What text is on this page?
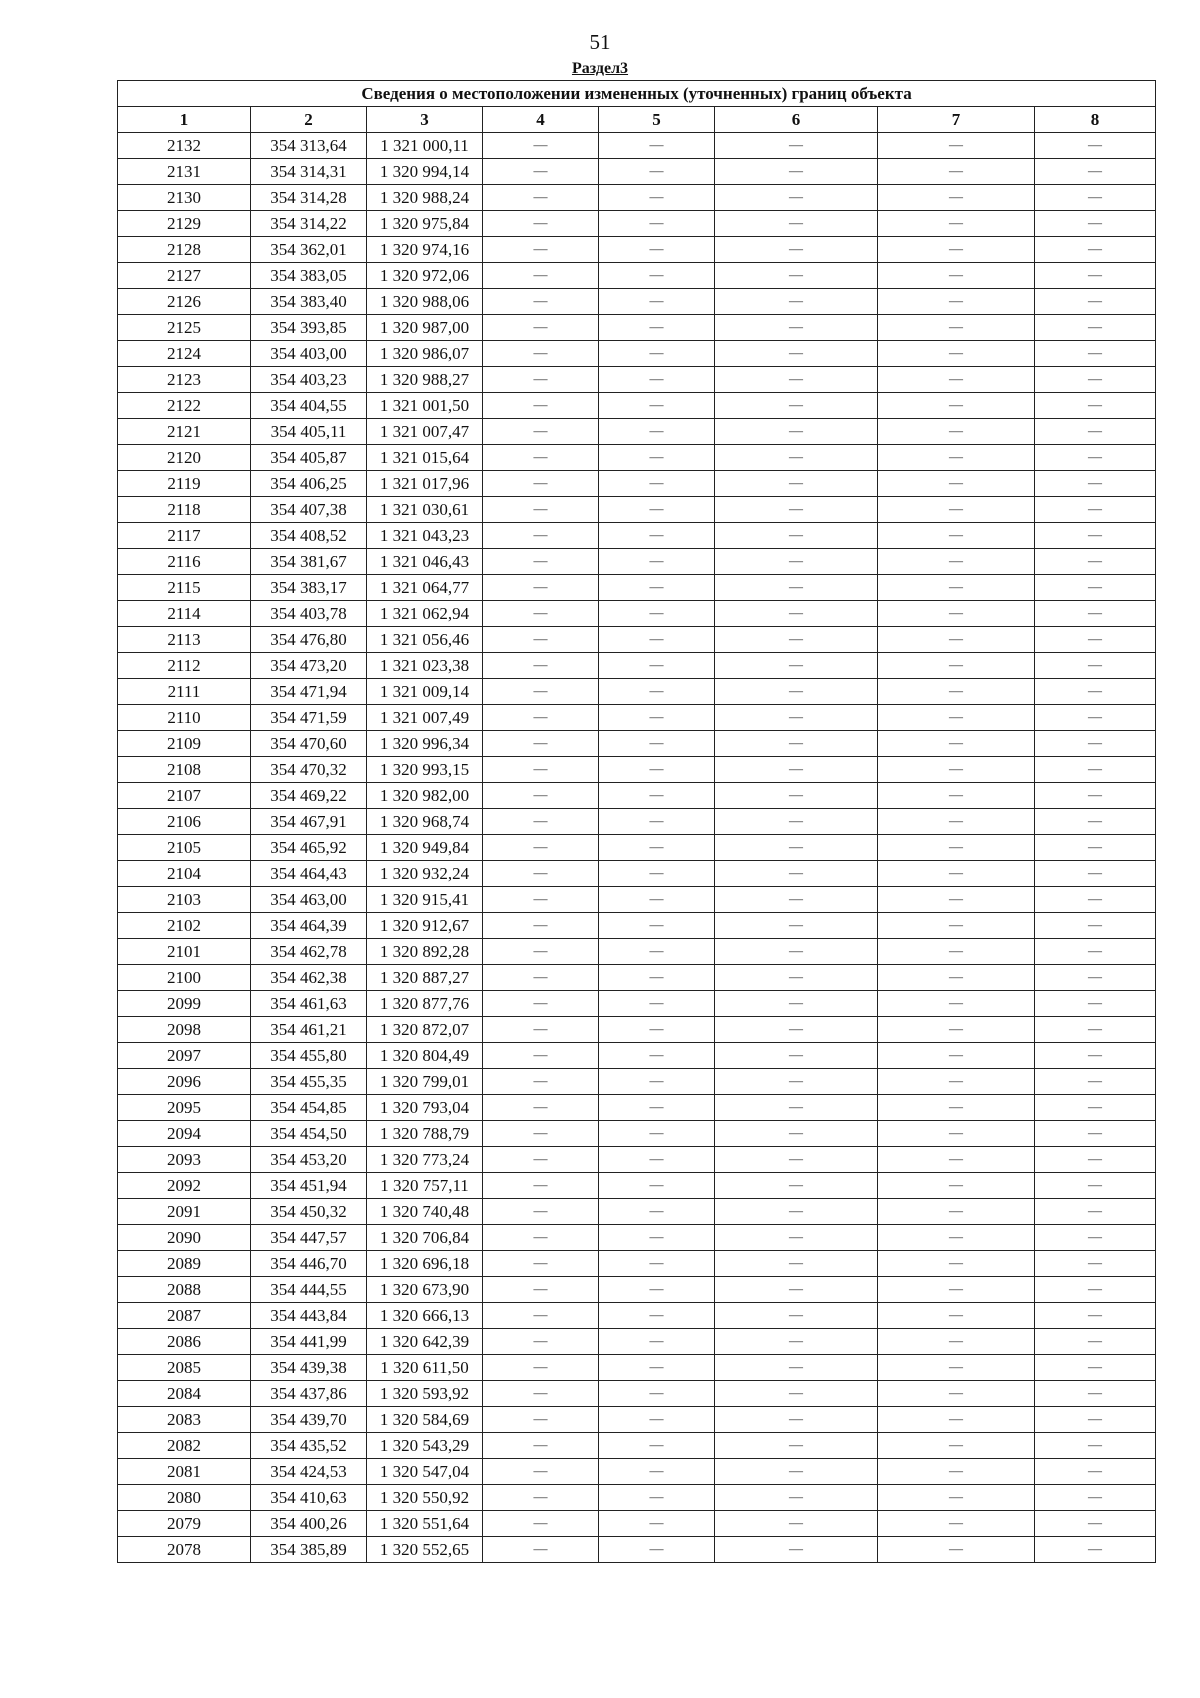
51
Раздел3
Сведения о местоположении измененных (уточненных) границ объекта							
1	2	3	4	5	6	7	8
2132	354 313,64	1 321 000,11	—	—	—	—	—
2131	354 314,31	1 320 994,14	—	—	—	—	—
2130	354 314,28	1 320 988,24	—	—	—	—	—
2129	354 314,22	1 320 975,84	—	—	—	—	—
2128	354 362,01	1 320 974,16	—	—	—	—	—
2127	354 383,05	1 320 972,06	—	—	—	—	—
2126	354 383,40	1 320 988,06	—	—	—	—	—
2125	354 393,85	1 320 987,00	—	—	—	—	—
2124	354 403,00	1 320 986,07	—	—	—	—	—
2123	354 403,23	1 320 988,27	—	—	—	—	—
2122	354 404,55	1 321 001,50	—	—	—	—	—
2121	354 405,11	1 321 007,47	—	—	—	—	—
2120	354 405,87	1 321 015,64	—	—	—	—	—
2119	354 406,25	1 321 017,96	—	—	—	—	—
2118	354 407,38	1 321 030,61	—	—	—	—	—
2117	354 408,52	1 321 043,23	—	—	—	—	—
2116	354 381,67	1 321 046,43	—	—	—	—	—
2115	354 383,17	1 321 064,77	—	—	—	—	—
2114	354 403,78	1 321 062,94	—	—	—	—	—
2113	354 476,80	1 321 056,46	—	—	—	—	—
2112	354 473,20	1 321 023,38	—	—	—	—	—
2111	354 471,94	1 321 009,14	—	—	—	—	—
2110	354 471,59	1 321 007,49	—	—	—	—	—
2109	354 470,60	1 320 996,34	—	—	—	—	—
2108	354 470,32	1 320 993,15	—	—	—	—	—
2107	354 469,22	1 320 982,00	—	—	—	—	—
2106	354 467,91	1 320 968,74	—	—	—	—	—
2105	354 465,92	1 320 949,84	—	—	—	—	—
2104	354 464,43	1 320 932,24	—	—	—	—	—
2103	354 463,00	1 320 915,41	—	—	—	—	—
2102	354 464,39	1 320 912,67	—	—	—	—	—
2101	354 462,78	1 320 892,28	—	—	—	—	—
2100	354 462,38	1 320 887,27	—	—	—	—	—
2099	354 461,63	1 320 877,76	—	—	—	—	—
2098	354 461,21	1 320 872,07	—	—	—	—	—
2097	354 455,80	1 320 804,49	—	—	—	—	—
2096	354 455,35	1 320 799,01	—	—	—	—	—
2095	354 454,85	1 320 793,04	—	—	—	—	—
2094	354 454,50	1 320 788,79	—	—	—	—	—
2093	354 453,20	1 320 773,24	—	—	—	—	—
2092	354 451,94	1 320 757,11	—	—	—	—	—
2091	354 450,32	1 320 740,48	—	—	—	—	—
2090	354 447,57	1 320 706,84	—	—	—	—	—
2089	354 446,70	1 320 696,18	—	—	—	—	—
2088	354 444,55	1 320 673,90	—	—	—	—	—
2087	354 443,84	1 320 666,13	—	—	—	—	—
2086	354 441,99	1 320 642,39	—	—	—	—	—
2085	354 439,38	1 320 611,50	—	—	—	—	—
2084	354 437,86	1 320 593,92	—	—	—	—	—
2083	354 439,70	1 320 584,69	—	—	—	—	—
2082	354 435,52	1 320 543,29	—	—	—	—	—
2081	354 424,53	1 320 547,04	—	—	—	—	—
2080	354 410,63	1 320 550,92	—	—	—	—	—
2079	354 400,26	1 320 551,64	—	—	—	—	—
2078	354 385,89	1 320 552,65	—	—	—	—	—
